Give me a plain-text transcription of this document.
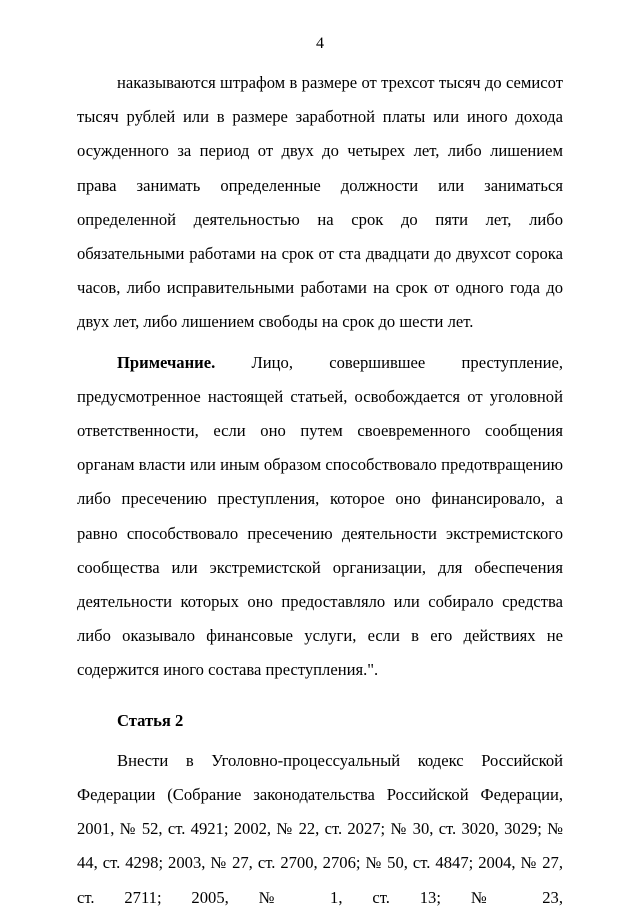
4

наказываются штрафом в размере от трехсот тысяч до семисот тысяч рублей или в размере заработной платы или иного дохода осужденного за период от двух до четырех лет, либо лишением права занимать определенные должности или заниматься определенной деятельностью на срок до пяти лет, либо обязательными работами на срок от ста двадцати до двухсот сорока часов, либо исправительными работами на срок от одного года до двух лет, либо лишением свободы на срок до шести лет.

Примечание. Лицо, совершившее преступление, предусмотренное настоящей статьей, освобождается от уголовной ответственности, если оно путем своевременного сообщения органам власти или иным образом способствовало предотвращению либо пресечению преступления, которое оно финансировало, а равно способствовало пресечению деятельности экстремистского сообщества или экстремистской организации, для обеспечения деятельности которых оно предоставляло или собирало средства либо оказывало финансовые услуги, если в его действиях не содержится иного состава преступления.".

Статья 2

Внести в Уголовно-процессуальный кодекс Российской Федерации (Собрание законодательства Российской Федерации, 2001, № 52, ст. 4921; 2002, № 22, ст. 2027; № 30, ст. 3020, 3029; № 44, ст. 4298; 2003, № 27, ст. 2700, 2706; № 50, ст. 4847; 2004, № 27, ст. 2711; 2005, № 1, ст. 13; № 23,
